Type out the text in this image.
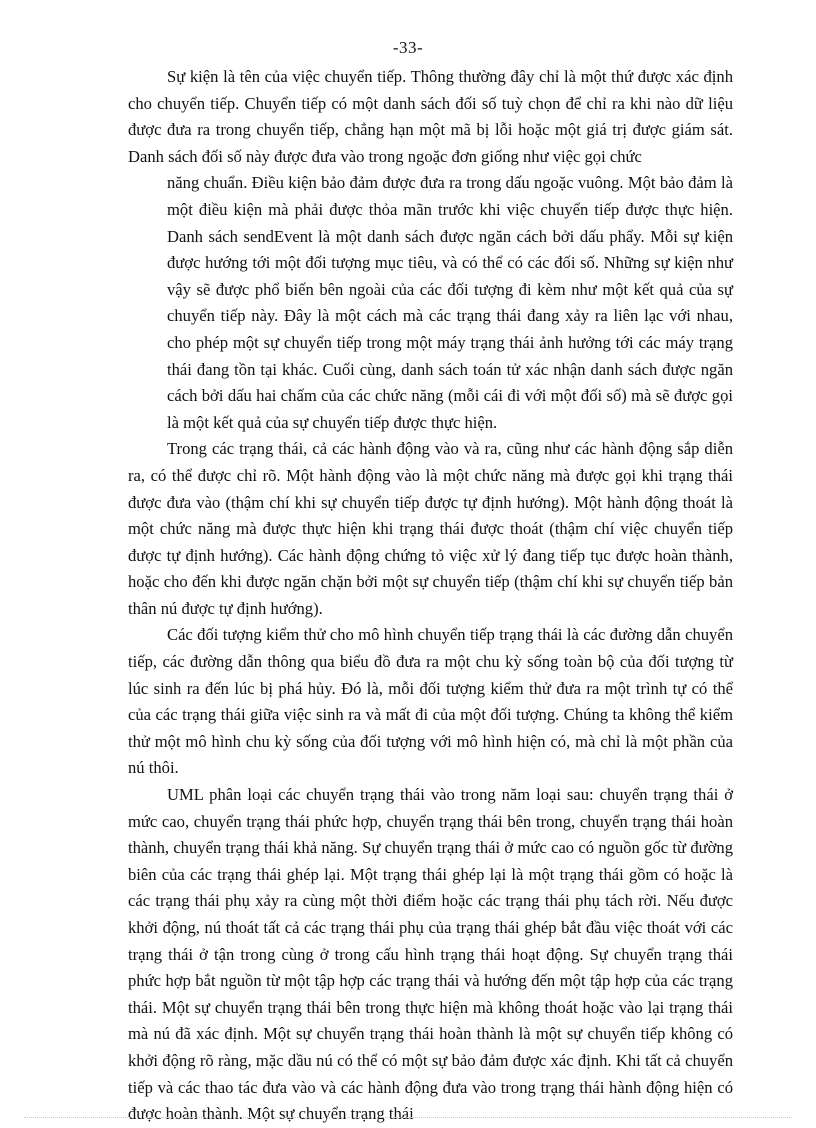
-33-

Sự kiện là tên của việc chuyển tiếp. Thông thường đây chỉ là một thứ được xác định cho chuyển tiếp. Chuyển tiếp có một danh sách đối số tuỳ chọn để chỉ ra khi nào dữ liệu được đưa ra trong chuyển tiếp, chẳng hạn một mã bị lỗi hoặc một giá trị được giám sát. Danh sách đối số này được đưa vào trong ngoặc đơn giống như việc gọi chức

năng chuẩn. Điều kiện bảo đảm được đưa ra trong dấu ngoặc vuông. Một bảo đảm là một điều kiện mà phải được thỏa mãn trước khi việc chuyển tiếp được thực hiện. Danh sách sendEvent là một danh sách được ngăn cách bởi dấu phẩy. Mỗi sự kiện được hướng tới một đối tượng mục tiêu, và có thể có các đối số. Những sự kiện như vậy sẽ được phổ biến bên ngoài của các đối tượng đi kèm như một kết quả của sự chuyển tiếp này. Đây là một cách mà các trạng thái đang xảy ra liên lạc với nhau, cho phép một sự chuyển tiếp trong một máy trạng thái ảnh hưởng tới các máy trạng thái đang tồn tại khác. Cuối cùng, danh sách toán tử xác nhận danh sách được ngăn cách bởi dấu hai chấm của các chức năng (mỗi cái đi với một đối số) mà sẽ được gọi là một kết quả của sự chuyển tiếp được thực hiện.

Trong các trạng thái, cả các hành động vào và ra, cũng như các hành động sắp diễn ra, có thể được chỉ rõ. Một hành động vào là một chức năng mà được gọi khi trạng thái được đưa vào (thậm chí khi sự chuyển tiếp được tự định hướng). Một hành động thoát là một chức năng mà được thực hiện khi trạng thái được thoát (thậm chí việc chuyển tiếp được tự định hướng). Các hành động chứng tỏ việc xử lý đang tiếp tục được hoàn thành, hoặc cho đến khi được ngăn chặn bởi một sự chuyển tiếp (thậm chí khi sự chuyển tiếp bản thân nú được tự định hướng).

Các đối tượng kiểm thử cho mô hình chuyển tiếp trạng thái là các đường dẫn chuyển tiếp, các đường dẫn thông qua biểu đồ đưa ra một chu kỳ sống toàn bộ của đối tượng từ lúc sinh ra đến lúc bị phá hủy. Đó là, mỗi đối tượng kiểm thử đưa ra một trình tự có thể của các trạng thái giữa việc sinh ra và mất đi của một đối tượng. Chúng ta không thể kiểm thử một mô hình chu kỳ sống của đối tượng với mô hình hiện có, mà chỉ là một phần của nú thôi.

UML phân loại các chuyển trạng thái vào trong năm loại sau: chuyển trạng thái ở mức cao, chuyển trạng thái phức hợp, chuyển trạng thái bên trong, chuyển trạng thái hoàn thành, chuyển trạng thái khả năng. Sự chuyển trạng thái ở mức cao có nguồn gốc từ đường biên của các trạng thái ghép lại. Một trạng thái ghép lại là một trạng thái gồm có hoặc là các trạng thái phụ xảy ra cùng một thời điểm hoặc các trạng thái phụ tách rời. Nếu được khởi động, nú thoát tất cả các trạng thái phụ của trạng thái ghép bắt đầu việc thoát với các trạng thái ở tận trong cùng ở trong cấu hình trạng thái hoạt động. Sự chuyển trạng thái phức hợp bắt nguồn từ một tập hợp các trạng thái và hướng đến một tập hợp của các trạng thái. Một sự chuyển trạng thái bên trong thực hiện mà không thoát hoặc vào lại trạng thái mà nú đã xác định. Một sự chuyển trạng thái hoàn thành là một sự chuyển tiếp không có khởi động rõ ràng, mặc dầu nú có thể có một sự bảo đảm được xác định. Khi tất cả chuyển tiếp và các thao tác đưa vào và các hành động đưa vào trong trạng thái hành động hiện có được hoàn thành. Một sự chuyển trạng thái
